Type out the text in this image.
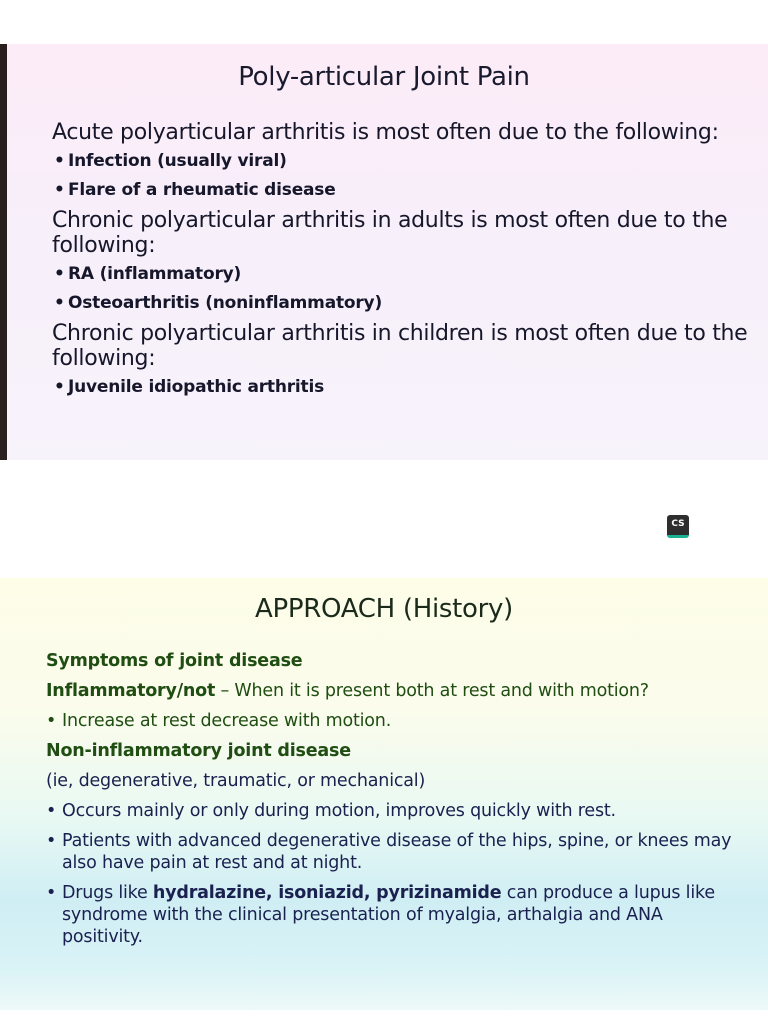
Poly-articular Joint Pain

Acute polyarticular arthritis is most often due to the following:

• Infection (usually viral)
• Flare of a rheumatic disease

Chronic polyarticular arthritis in adults is most often due to the following:

• RA (inflammatory)
• Osteoarthritis (noninflammatory)

Chronic polyarticular arthritis in children is most often due to the following:

• Juvenile idiopathic arthritis
CS
APPROACH (History)

Symptoms of joint disease

Inflammatory/not – When it is present both at rest and with motion?

• Increase at rest decrease with motion.

Non-inflammatory joint disease

(ie, degenerative, traumatic, or mechanical)

• Occurs mainly or only during motion, improves quickly with rest.
• Patients with advanced degenerative disease of the hips, spine, or knees may also have pain at rest and at night.
• Drugs like hydralazine, isoniazid, pyrizinamide can produce a lupus like syndrome with the clinical presentation of myalgia, arthalgia and ANA positivity.
